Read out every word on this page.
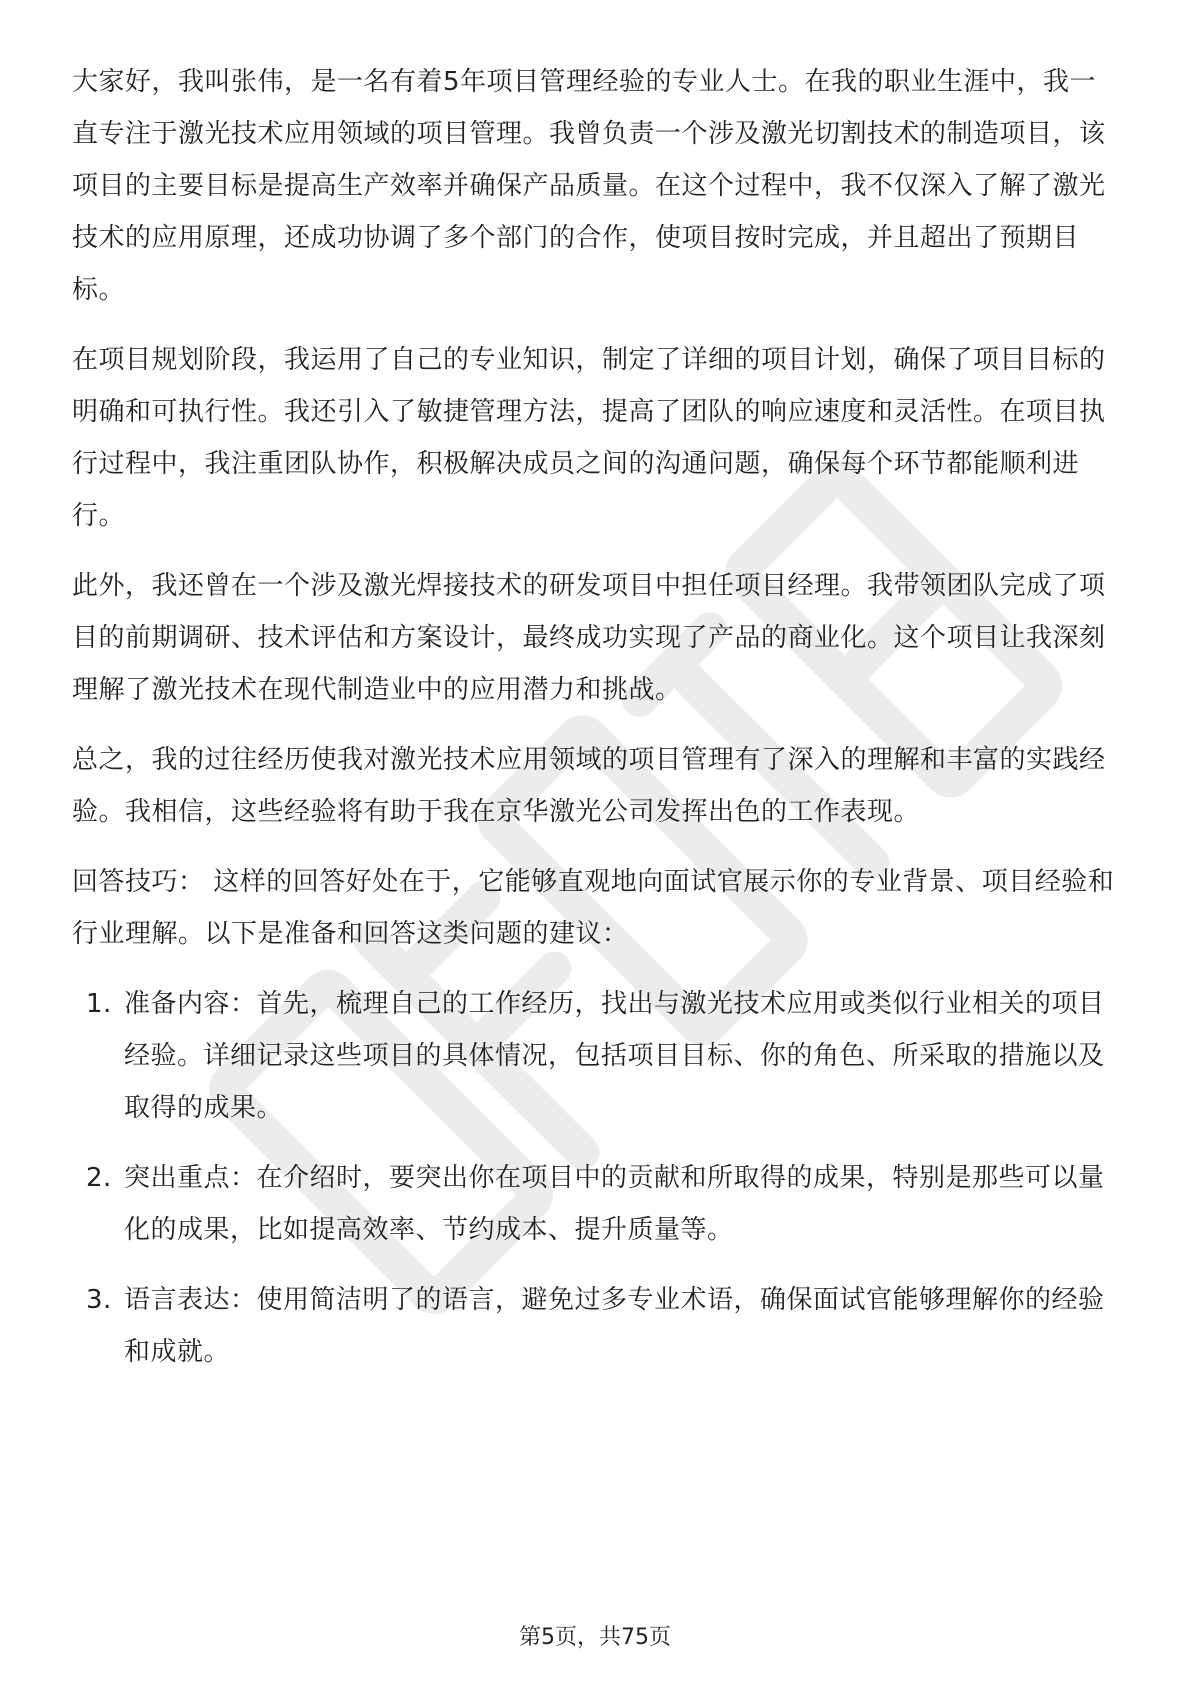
大家好，我叫张伟，是一名有着5年项目管理经验的专业人士。在我的职业生涯中，我一直专注于激光技术应用领域的项目管理。我曾负责一个涉及激光切割技术的制造项目，该项目的主要目标是提高生产效率并确保产品质量。在这个过程中，我不仅深入了解了激光技术的应用原理，还成功协调了多个部门的合作，使项目按时完成，并且超出了预期目标。

在项目规划阶段，我运用了自己的专业知识，制定了详细的项目计划，确保了项目目标的明确和可执行性。我还引入了敏捷管理方法，提高了团队的响应速度和灵活性。在项目执行过程中，我注重团队协作，积极解决成员之间的沟通问题，确保每个环节都能顺利进行。

此外，我还曾在一个涉及激光焊接技术的研发项目中担任项目经理。我带领团队完成了项目的前期调研、技术评估和方案设计，最终成功实现了产品的商业化。这个项目让我深刻理解了激光技术在现代制造业中的应用潜力和挑战。

总之，我的过往经历使我对激光技术应用领域的项目管理有了深入的理解和丰富的实践经验。我相信，这些经验将有助于我在京华激光公司发挥出色的工作表现。

回答技巧： 这样的回答好处在于，它能够直观地向面试官展示你的专业背景、项目经验和行业理解。以下是准备和回答这类问题的建议：

1. 准备内容：首先，梳理自己的工作经历，找出与激光技术应用或类似行业相关的项目经验。详细记录这些项目的具体情况，包括项目目标、你的角色、所采取的措施以及取得的成果。
2. 突出重点：在介绍时，要突出你在项目中的贡献和所取得的成果，特别是那些可以量化的成果，比如提高效率、节约成本、提升质量等。
3. 语言表达：使用简洁明了的语言，避免过多专业术语，确保面试官能够理解你的经验和成就。
第5页，共75页
